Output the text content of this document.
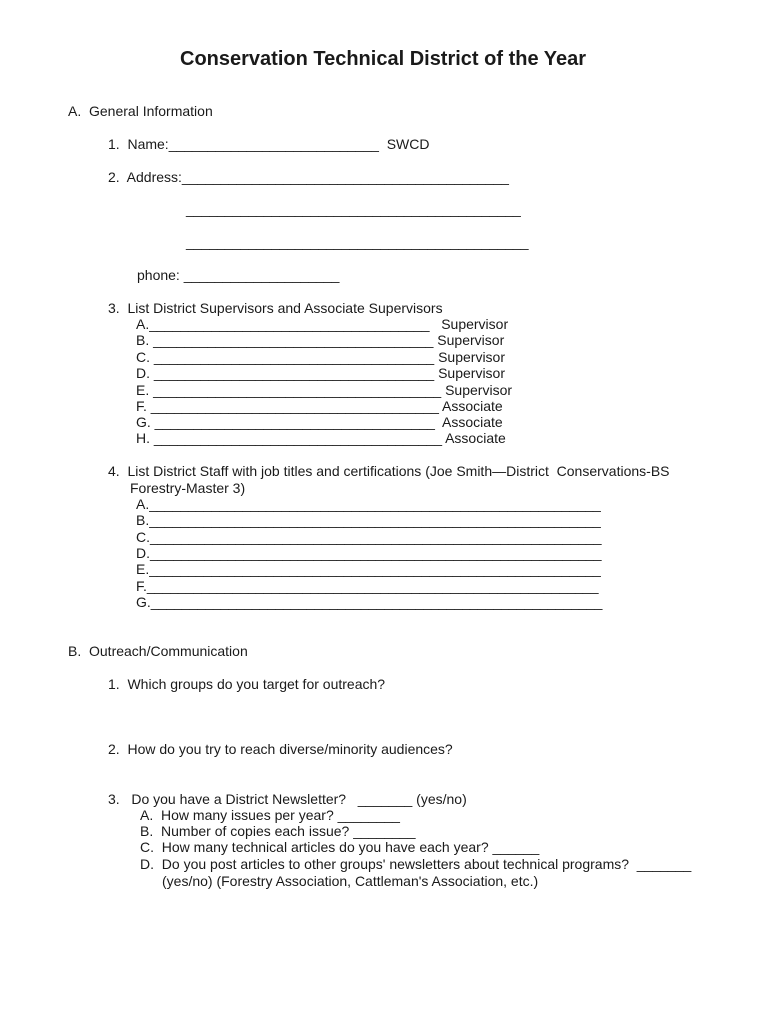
Conservation Technical District of the Year
A.  General Information
1.  Name:___________________________  SWCD
2.  Address:__________________________________________
___________________________________________
____________________________________________
phone: ____________________
3.  List District Supervisors and Associate Supervisors
A.____________________________________   Supervisor
B. ____________________________________ Supervisor
C. ____________________________________ Supervisor
D. ____________________________________ Supervisor
E. _____________________________________ Supervisor
F. _____________________________________ Associate
G. ____________________________________  Associate
H. _____________________________________ Associate
4.  List District Staff with job titles and certifications (Joe Smith—District  Conservations-BS
Forestry-Master 3)
A.__________________________________________________________
B.__________________________________________________________
C.__________________________________________________________
D.__________________________________________________________
E.__________________________________________________________
F.__________________________________________________________
G.__________________________________________________________
B.  Outreach/Communication
1.  Which groups do you target for outreach?
2.  How do you try to reach diverse/minority audiences?
3.   Do you have a District Newsletter?   _______ (yes/no)
A.  How many issues per year? ________
B.  Number of copies each issue? ________
C.  How many technical articles do you have each year? ______
D.  Do you post articles to other groups' newsletters about technical programs?  _______
(yes/no) (Forestry Association, Cattleman's Association, etc.)
